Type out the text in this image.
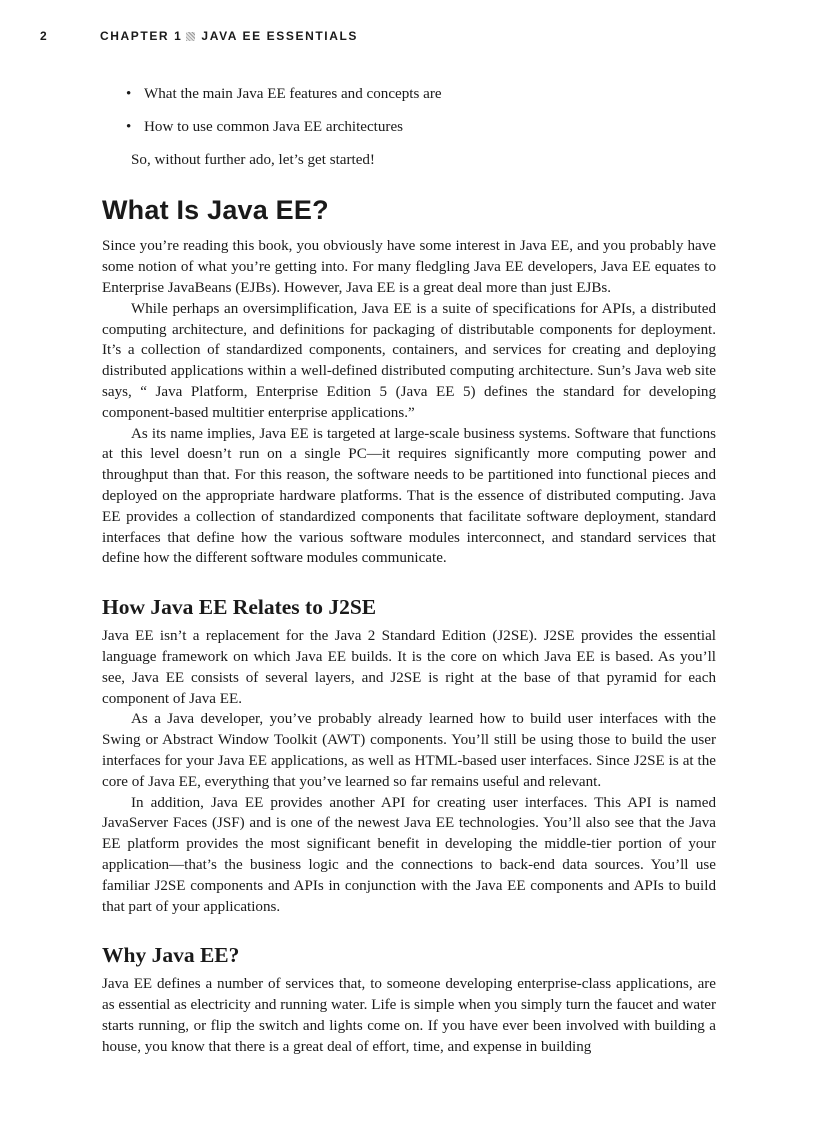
2	CHAPTER 1 JAVA EE ESSENTIALS
• What the main Java EE features and concepts are
• How to use common Java EE architectures

So, without further ado, let’s get started!

What Is Java EE?

Since you’re reading this book, you obviously have some interest in Java EE, and you probably have some notion of what you’re getting into. For many fledgling Java EE developers, Java EE equates to Enterprise JavaBeans (EJBs). However, Java EE is a great deal more than just EJBs.

While perhaps an oversimplification, Java EE is a suite of specifications for APIs, a distributed computing architecture, and definitions for packaging of distributable components for deployment. It’s a collection of standardized components, containers, and services for creating and deploying distributed applications within a well-defined distributed computing architecture. Sun’s Java web site says, “ Java Platform, Enterprise Edition 5 (Java EE 5) defines the standard for developing component-based multitier enterprise applications.”

As its name implies, Java EE is targeted at large-scale business systems. Software that functions at this level doesn’t run on a single PC—it requires significantly more computing power and throughput than that. For this reason, the software needs to be partitioned into functional pieces and deployed on the appropriate hardware platforms. That is the essence of distributed computing. Java EE provides a collection of standardized components that facilitate software deployment, standard interfaces that define how the various software modules interconnect, and standard services that define how the different software modules communicate.

How Java EE Relates to J2SE

Java EE isn’t a replacement for the Java 2 Standard Edition (J2SE). J2SE provides the essential language framework on which Java EE builds. It is the core on which Java EE is based. As you’ll see, Java EE consists of several layers, and J2SE is right at the base of that pyramid for each component of Java EE.

As a Java developer, you’ve probably already learned how to build user interfaces with the Swing or Abstract Window Toolkit (AWT) components. You’ll still be using those to build the user interfaces for your Java EE applications, as well as HTML-based user interfaces. Since J2SE is at the core of Java EE, everything that you’ve learned so far remains useful and relevant.

In addition, Java EE provides another API for creating user interfaces. This API is named JavaServer Faces (JSF) and is one of the newest Java EE technologies. You’ll also see that the Java EE platform provides the most significant benefit in developing the middle-tier portion of your application—that’s the business logic and the connections to back-end data sources. You’ll use familiar J2SE components and APIs in conjunction with the Java EE components and APIs to build that part of your applications.

Why Java EE?

Java EE defines a number of services that, to someone developing enterprise-class applications, are as essential as electricity and running water. Life is simple when you simply turn the faucet and water starts running, or flip the switch and lights come on. If you have ever been involved with building a house, you know that there is a great deal of effort, time, and expense in building
